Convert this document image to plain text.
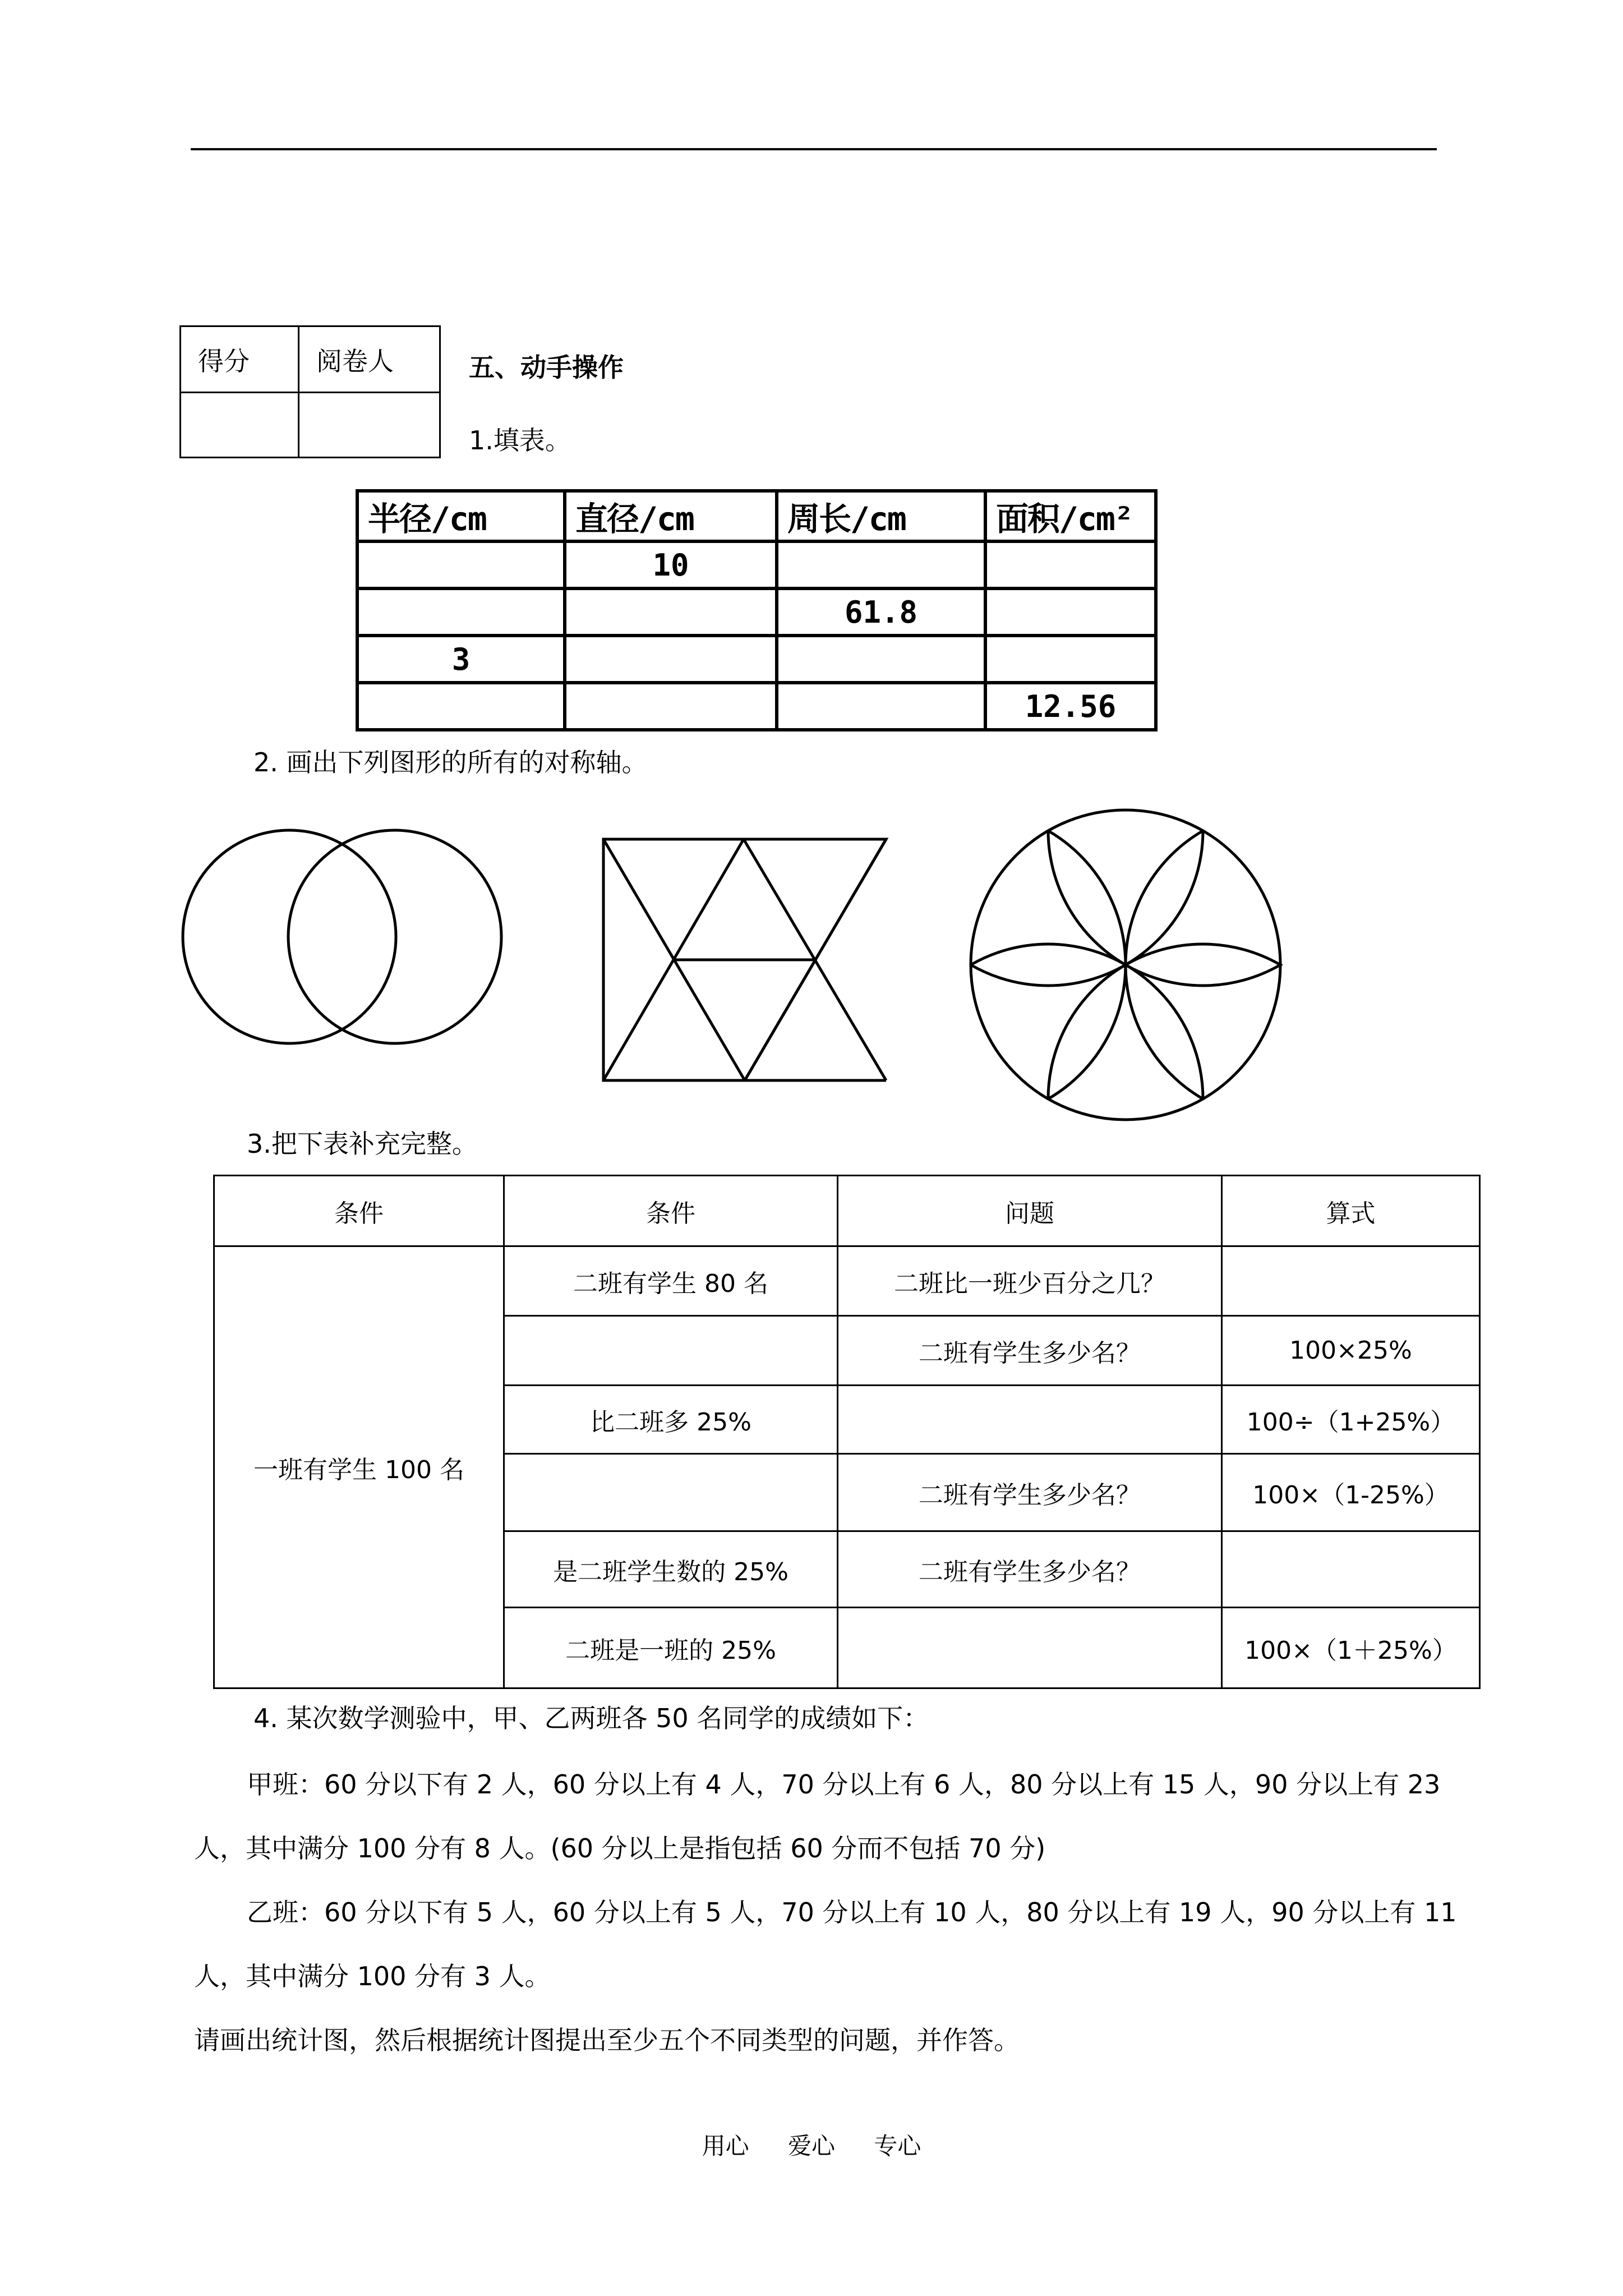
得分	阅卷人
		五、动手操作
1.填表。
半径/cm	直径/cm	周长/cm	面积/cm²
	10		
		61.8	
3			
			12.56
2. 画出下列图形的所有的对称轴。
3.把下表补充完整。
条件	条件	问题	算式
一班有学生 100 名	二班有学生 80 名	二班比一班少百分之几？	
		二班有学生多少名？	100×25%
	比二班多 25%		100÷（1+25%）
		二班有学生多少名？	100×（1-25%）
	是二班学生数的 25%	二班有学生多少名？	
	二班是一班的 25%		100×（1＋25%）
4. 某次数学测验中，甲、乙两班各 50 名同学的成绩如下：
甲班：60 分以下有 2 人，60 分以上有 4 人，70 分以上有 6 人，80 分以上有 15 人，90 分以上有 23
人，其中满分 100 分有 8 人。(60 分以上是指包括 60 分而不包括 70 分)
乙班：60 分以下有 5 人，60 分以上有 5 人，70 分以上有 10 人，80 分以上有 19 人，90 分以上有 11
人，其中满分 100 分有 3 人。
请画出统计图，然后根据统计图提出至少五个不同类型的问题，并作答。
用心 爱心 专心
